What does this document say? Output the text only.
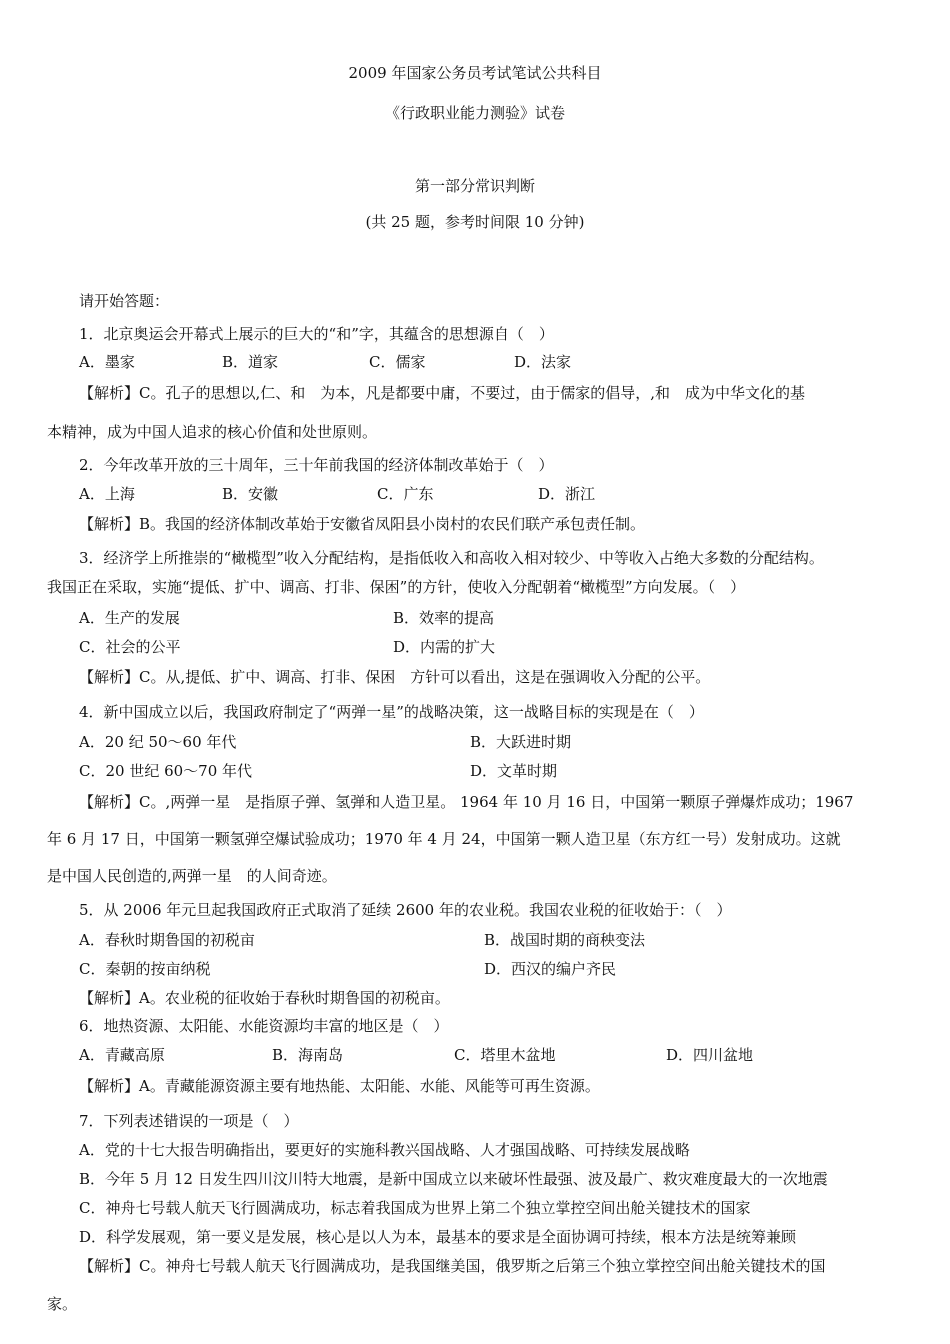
2009 年国家公务员考试笔试公共科目
《行政职业能力测验》试卷
第一部分常识判断
(共 25 题，参考时间限 10 分钟)
请开始答题：
1．北京奥运会开幕式上展示的巨大的“和”字，其蕴含的思想源自（　）
A．墨家	B．道家	C．儒家	D．法家
【解析】C。孔子的思想以,仁、和　为本，凡是都要中庸，不要过，由于儒家的倡导，,和　成为中华文化的基
本精神，成为中国人追求的核心价值和处世原则。
2．今年改革开放的三十周年，三十年前我国的经济体制改革始于（　）
A．上海	B．安徽	C．广东	D．浙江
【解析】B。我国的经济体制改革始于安徽省凤阳县小岗村的农民们联产承包责任制。
3．经济学上所推崇的“橄榄型”收入分配结构，是指低收入和高收入相对较少、中等收入占绝大多数的分配结构。
我国正在采取，实施“提低、扩中、调高、打非、保困”的方针，使收入分配朝着“橄榄型”方向发展。（　）
A．生产的发展	B．效率的提高
C．社会的公平	D．内需的扩大
【解析】C。从,提低、扩中、调高、打非、保困　方针可以看出，这是在强调收入分配的公平。
4．新中国成立以后，我国政府制定了“两弹一星”的战略决策，这一战略目标的实现是在（　）
A．20 纪 50～60 年代	B．大跃进时期
C．20 世纪 60～70 年代	D．文革时期
【解析】C。,两弹一星　是指原子弹、氢弹和人造卫星。 1964 年 10 月 16 日，中国第一颗原子弹爆炸成功；1967
年 6 月 17 日，中国第一颗氢弹空爆试验成功；1970 年 4 月 24，中国第一颗人造卫星（东方红一号）发射成功。这就
是中国人民创造的,两弹一星　的人间奇迹。
5．从 2006 年元旦起我国政府正式取消了延续 2600 年的农业税。我国农业税的征收始于：（　）
A．春秋时期鲁国的初税亩	B．战国时期的商秧变法
C．秦朝的按亩纳税	D．西汉的编户齐民
【解析】A。农业税的征收始于春秋时期鲁国的初税亩。
6．地热资源、太阳能、水能资源均丰富的地区是（　）
A．青藏高原	B．海南岛	C．塔里木盆地	D．四川盆地
【解析】A。青藏能源资源主要有地热能、太阳能、水能、风能等可再生资源。
7．下列表述错误的一项是（　）
A．党的十七大报告明确指出，要更好的实施科教兴国战略、人才强国战略、可持续发展战略
B．今年 5 月 12 日发生四川汶川特大地震，是新中国成立以来破坏性最强、波及最广、救灾难度最大的一次地震
C．神舟七号载人航天飞行圆满成功，标志着我国成为世界上第二个独立掌控空间出舱关键技术的国家
D．科学发展观，第一要义是发展，核心是以人为本，最基本的要求是全面协调可持续，根本方法是统筹兼顾
【解析】C。神舟七号载人航天飞行圆满成功，是我国继美国，俄罗斯之后第三个独立掌控空间出舱关键技术的国
家。
